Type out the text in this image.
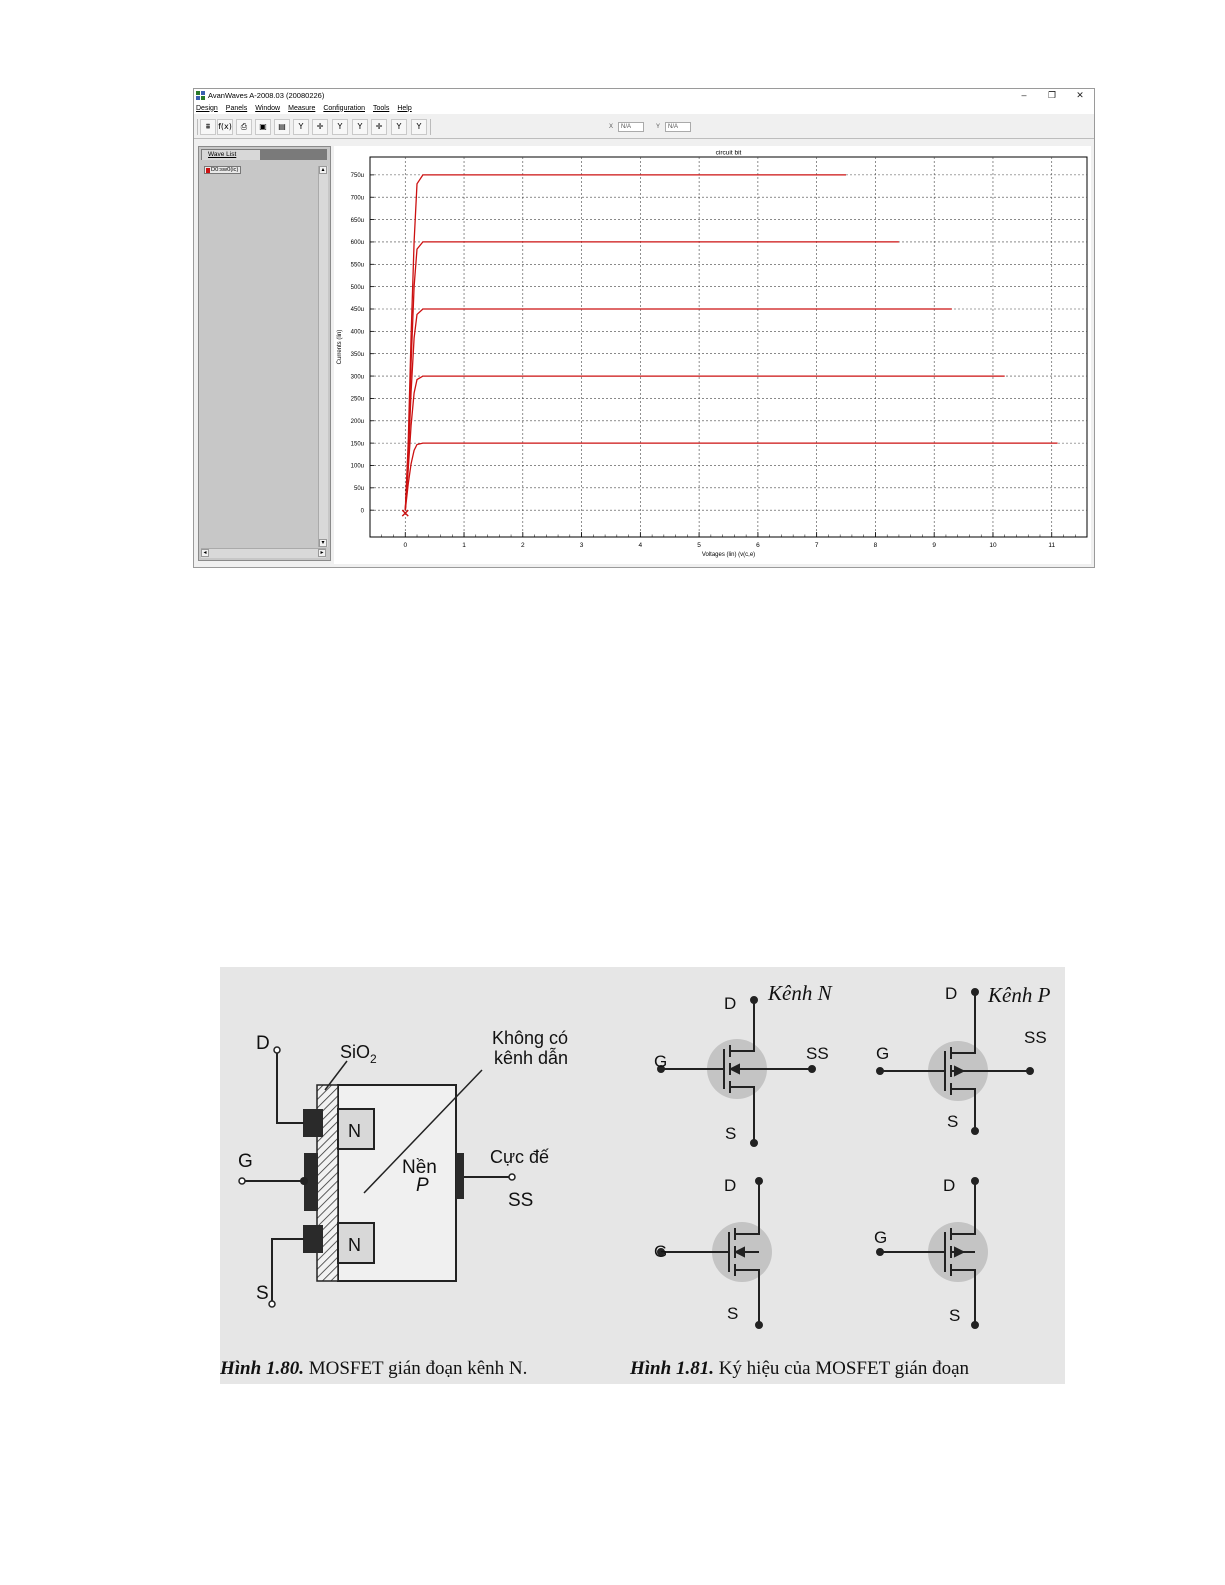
AvanWaves A-2008.03 (20080226)	–	❐	✕
Design Panels Window Measure Configuration Tools Help
⩩ f(x)	⎙	▣	▤	Y	✛	Y	Y	✛	Y	Y	X	N/A	Y	N/A
Wave List
D0:sw0(ic)	▴
▾
◂	▸
0	1	2	3	4	5	6	7	8	9	10	11
0
50u
100u
150u
200u
250u
300u
350u
400u
450u
500u
550u
600u
650u
700u
750u
circuit bit
Voltages (lin) (v(c,e)
Currents (lin)
D
G
S
SiO$_2$
Không có
kênh dẫn
N
N
Nền
P
Cực đế
SS
Hình 1.80. MOSFET gián đoạn kênh N.
Kênh N	Kênh P
D
G	SS
S
D
G
SS
S
D
G
S
D
G
S
Hình 1.81. Ký hiệu của MOSFET gián đoạn
